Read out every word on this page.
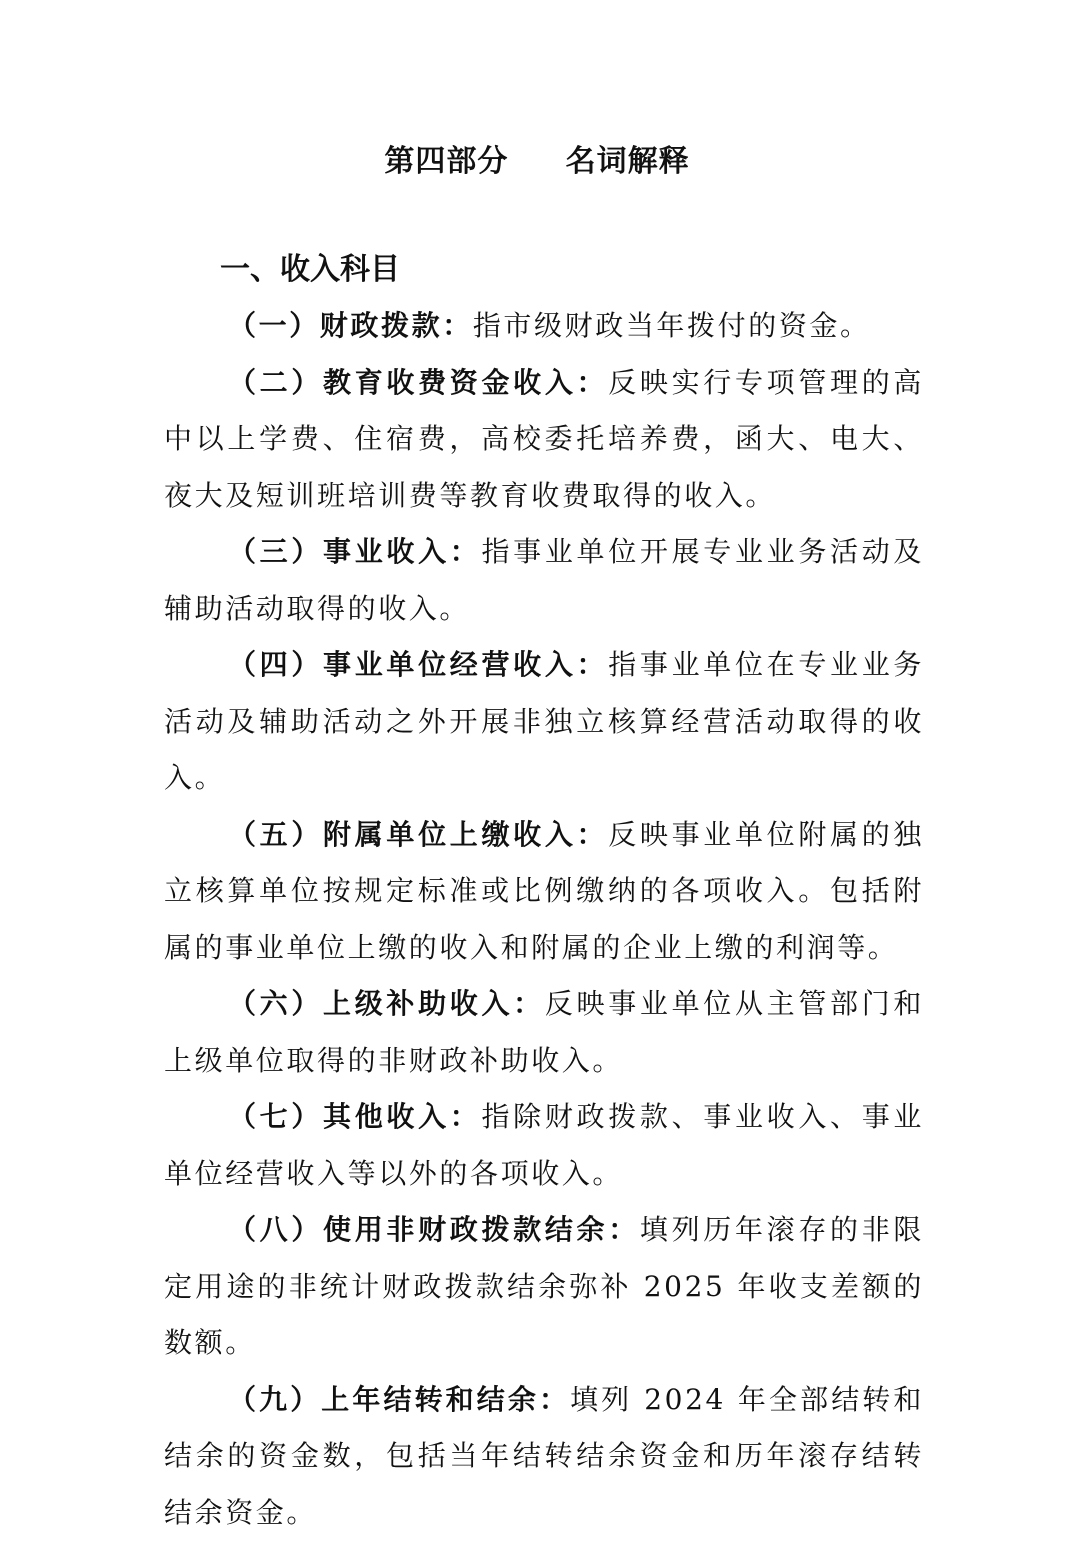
第四部分     名词解释
一、收入科目

（一）财政拨款：指市级财政当年拨付的资金。

（二）教育收费资金收入：反映实行专项管理的高中以上学费、住宿费，高校委托培养费，函大、电大、夜大及短训班培训费等教育收费取得的收入。

（三）事业收入：指事业单位开展专业业务活动及辅助活动取得的收入。

（四）事业单位经营收入：指事业单位在专业业务活动及辅助活动之外开展非独立核算经营活动取得的收入。

（五）附属单位上缴收入：反映事业单位附属的独立核算单位按规定标准或比例缴纳的各项收入。包括附属的事业单位上缴的收入和附属的企业上缴的利润等。

（六）上级补助收入：反映事业单位从主管部门和上级单位取得的非财政补助收入。

（七）其他收入：指除财政拨款、事业收入、事业单位经营收入等以外的各项收入。

（八）使用非财政拨款结余：填列历年滚存的非限定用途的非统计财政拨款结余弥补 2025 年收支差额的数额。

（九）上年结转和结余：填列 2024 年全部结转和结余的资金数，包括当年结转结余资金和历年滚存结转结余资金。
